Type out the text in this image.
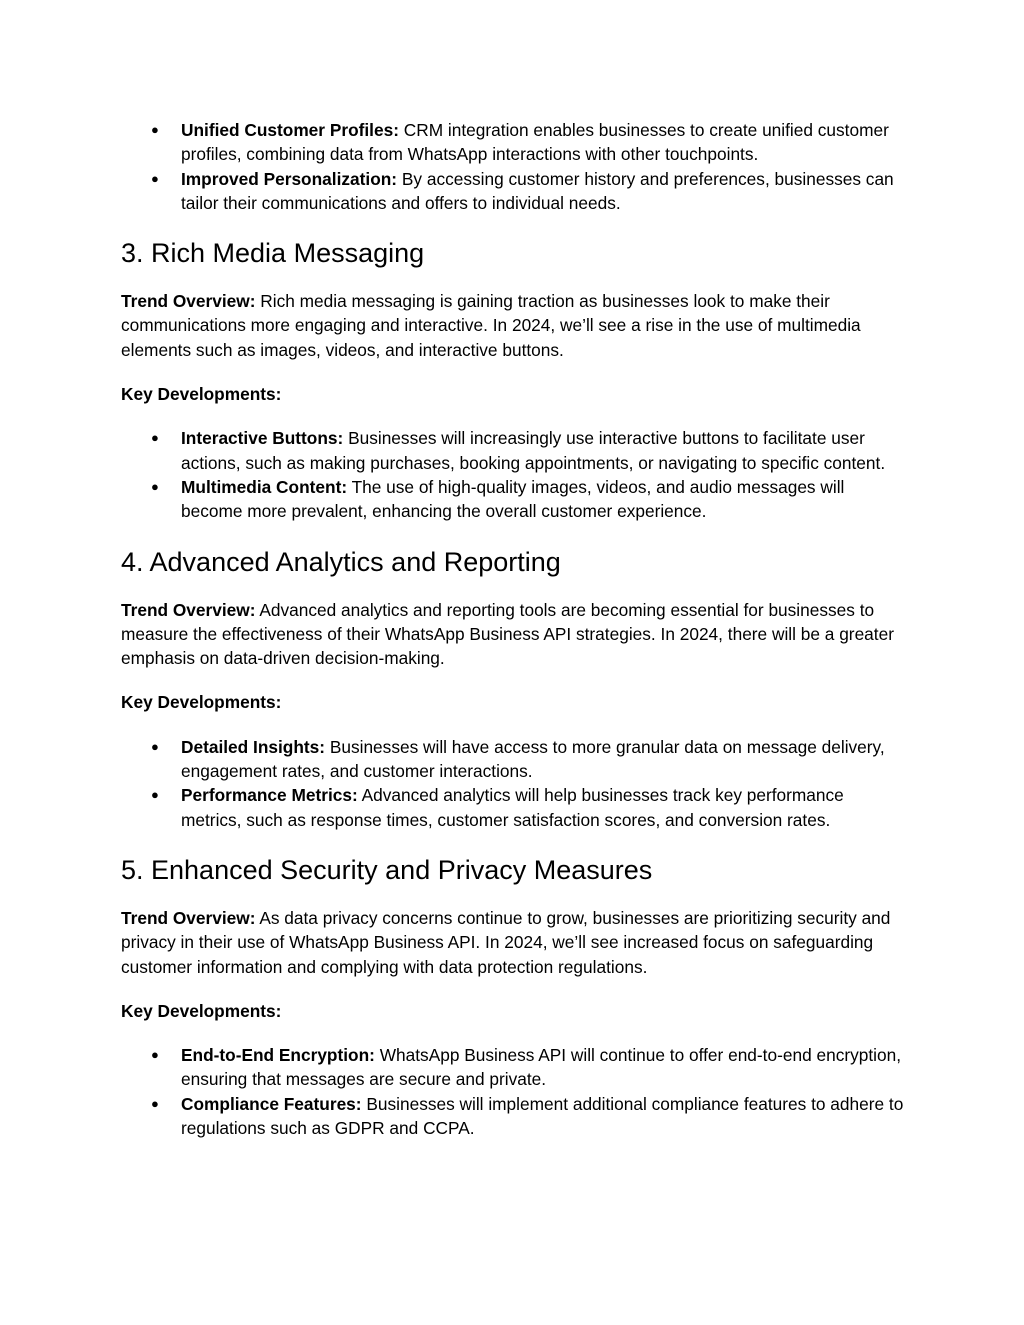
● Unified Customer Profiles: CRM integration enables businesses to create unified customer profiles, combining data from WhatsApp interactions with other touchpoints.
● Improved Personalization: By accessing customer history and preferences, businesses can tailor their communications and offers to individual needs.
3. Rich Media Messaging

Trend Overview: Rich media messaging is gaining traction as businesses look to make their communications more engaging and interactive. In 2024, we’ll see a rise in the use of multimedia elements such as images, videos, and interactive buttons.

Key Developments:

● Interactive Buttons: Businesses will increasingly use interactive buttons to facilitate user actions, such as making purchases, booking appointments, or navigating to specific content.
● Multimedia Content: The use of high-quality images, videos, and audio messages will become more prevalent, enhancing the overall customer experience.
4. Advanced Analytics and Reporting

Trend Overview: Advanced analytics and reporting tools are becoming essential for businesses to measure the effectiveness of their WhatsApp Business API strategies. In 2024, there will be a greater emphasis on data-driven decision-making.

Key Developments:

● Detailed Insights: Businesses will have access to more granular data on message delivery, engagement rates, and customer interactions.
● Performance Metrics: Advanced analytics will help businesses track key performance metrics, such as response times, customer satisfaction scores, and conversion rates.
5. Enhanced Security and Privacy Measures

Trend Overview: As data privacy concerns continue to grow, businesses are prioritizing security and privacy in their use of WhatsApp Business API. In 2024, we’ll see increased focus on safeguarding customer information and complying with data protection regulations.

Key Developments:

● End-to-End Encryption: WhatsApp Business API will continue to offer end-to-end encryption, ensuring that messages are secure and private.
● Compliance Features: Businesses will implement additional compliance features to adhere to regulations such as GDPR and CCPA.
